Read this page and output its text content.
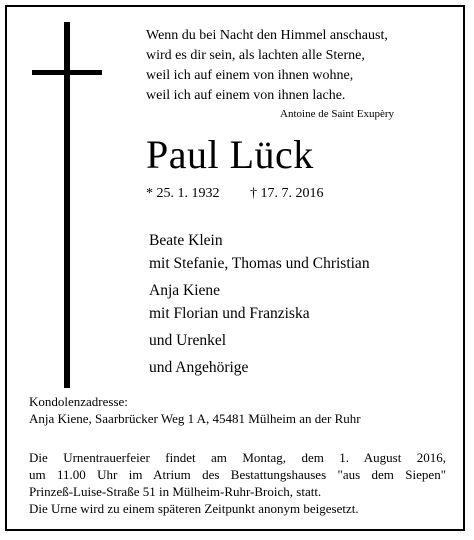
Wenn du bei Nacht den Himmel anschaust,
wird es dir sein, als lachten alle Sterne,
weil ich auf einem von ihnen wohne,
weil ich auf einem von ihnen lache.
Antoine de Saint Exupèry
Paul Lück
* 25. 1. 1932 † 17. 7. 2016
Beate Klein
mit Stefanie, Thomas und Christian
Anja Kiene
mit Florian und Franziska
und Urenkel
und Angehörige
Kondolenzadresse:
Anja Kiene, Saarbrücker Weg 1 A, 45481 Mülheim an der Ruhr
Die Urnentrauerfeier findet am Montag, dem 1. August 2016,
um 11.00 Uhr im Atrium des Bestattungshauses "aus dem Siepen"
Prinzeß-Luise-Straße 51 in Mülheim-Ruhr-Broich, statt.
Die Urne wird zu einem späteren Zeitpunkt anonym beigesetzt.
